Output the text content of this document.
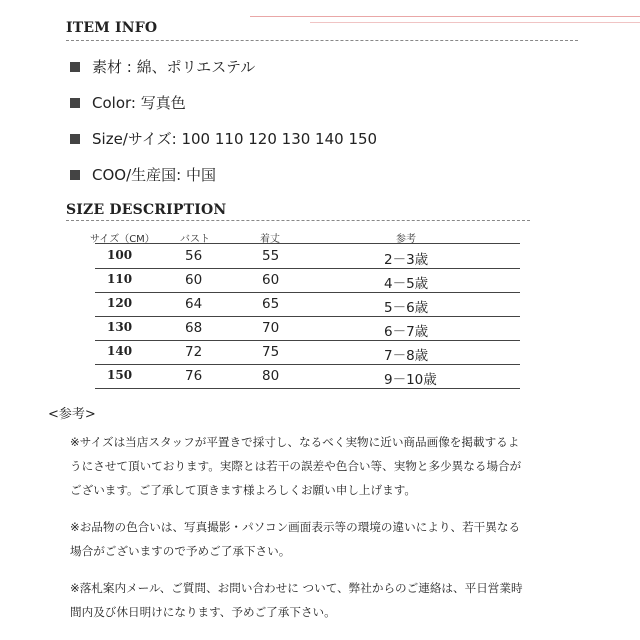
ITEM INFO
素材 : 綿、ポリエステル
Color: 写真色
Size/サイズ: 100 110 120 130 140 150
COO/生産国: 中国
SIZE DESCRIPTION
サイズ（CM）	バスト	着丈	参考
100	56	55	2－3歳
110	60	60	4－5歳
120	64	65	5－6歳
130	68	70	6－7歳
140	72	75	7－8歳
150	76	80	9－10歳
<参考>
※サイズは当店スタッフが平置きで採寸し、なるべく実物に近い商品画像を掲載するよ
うにさせて頂いております。実際とは若干の誤差や色合い等、実物と多少異なる場合が
ございます。ご了承して頂きます様よろしくお願い申し上げます。
※お品物の色合いは、写真撮影・パソコン画面表示等の環境の違いにより、若干異なる
場合がございますので予めご了承下さい。
※落札案内メール、ご質問、お問い合わせに ついて、弊社からのご連絡は、平日営業時
間内及び休日明けになります、予めご了承下さい。
